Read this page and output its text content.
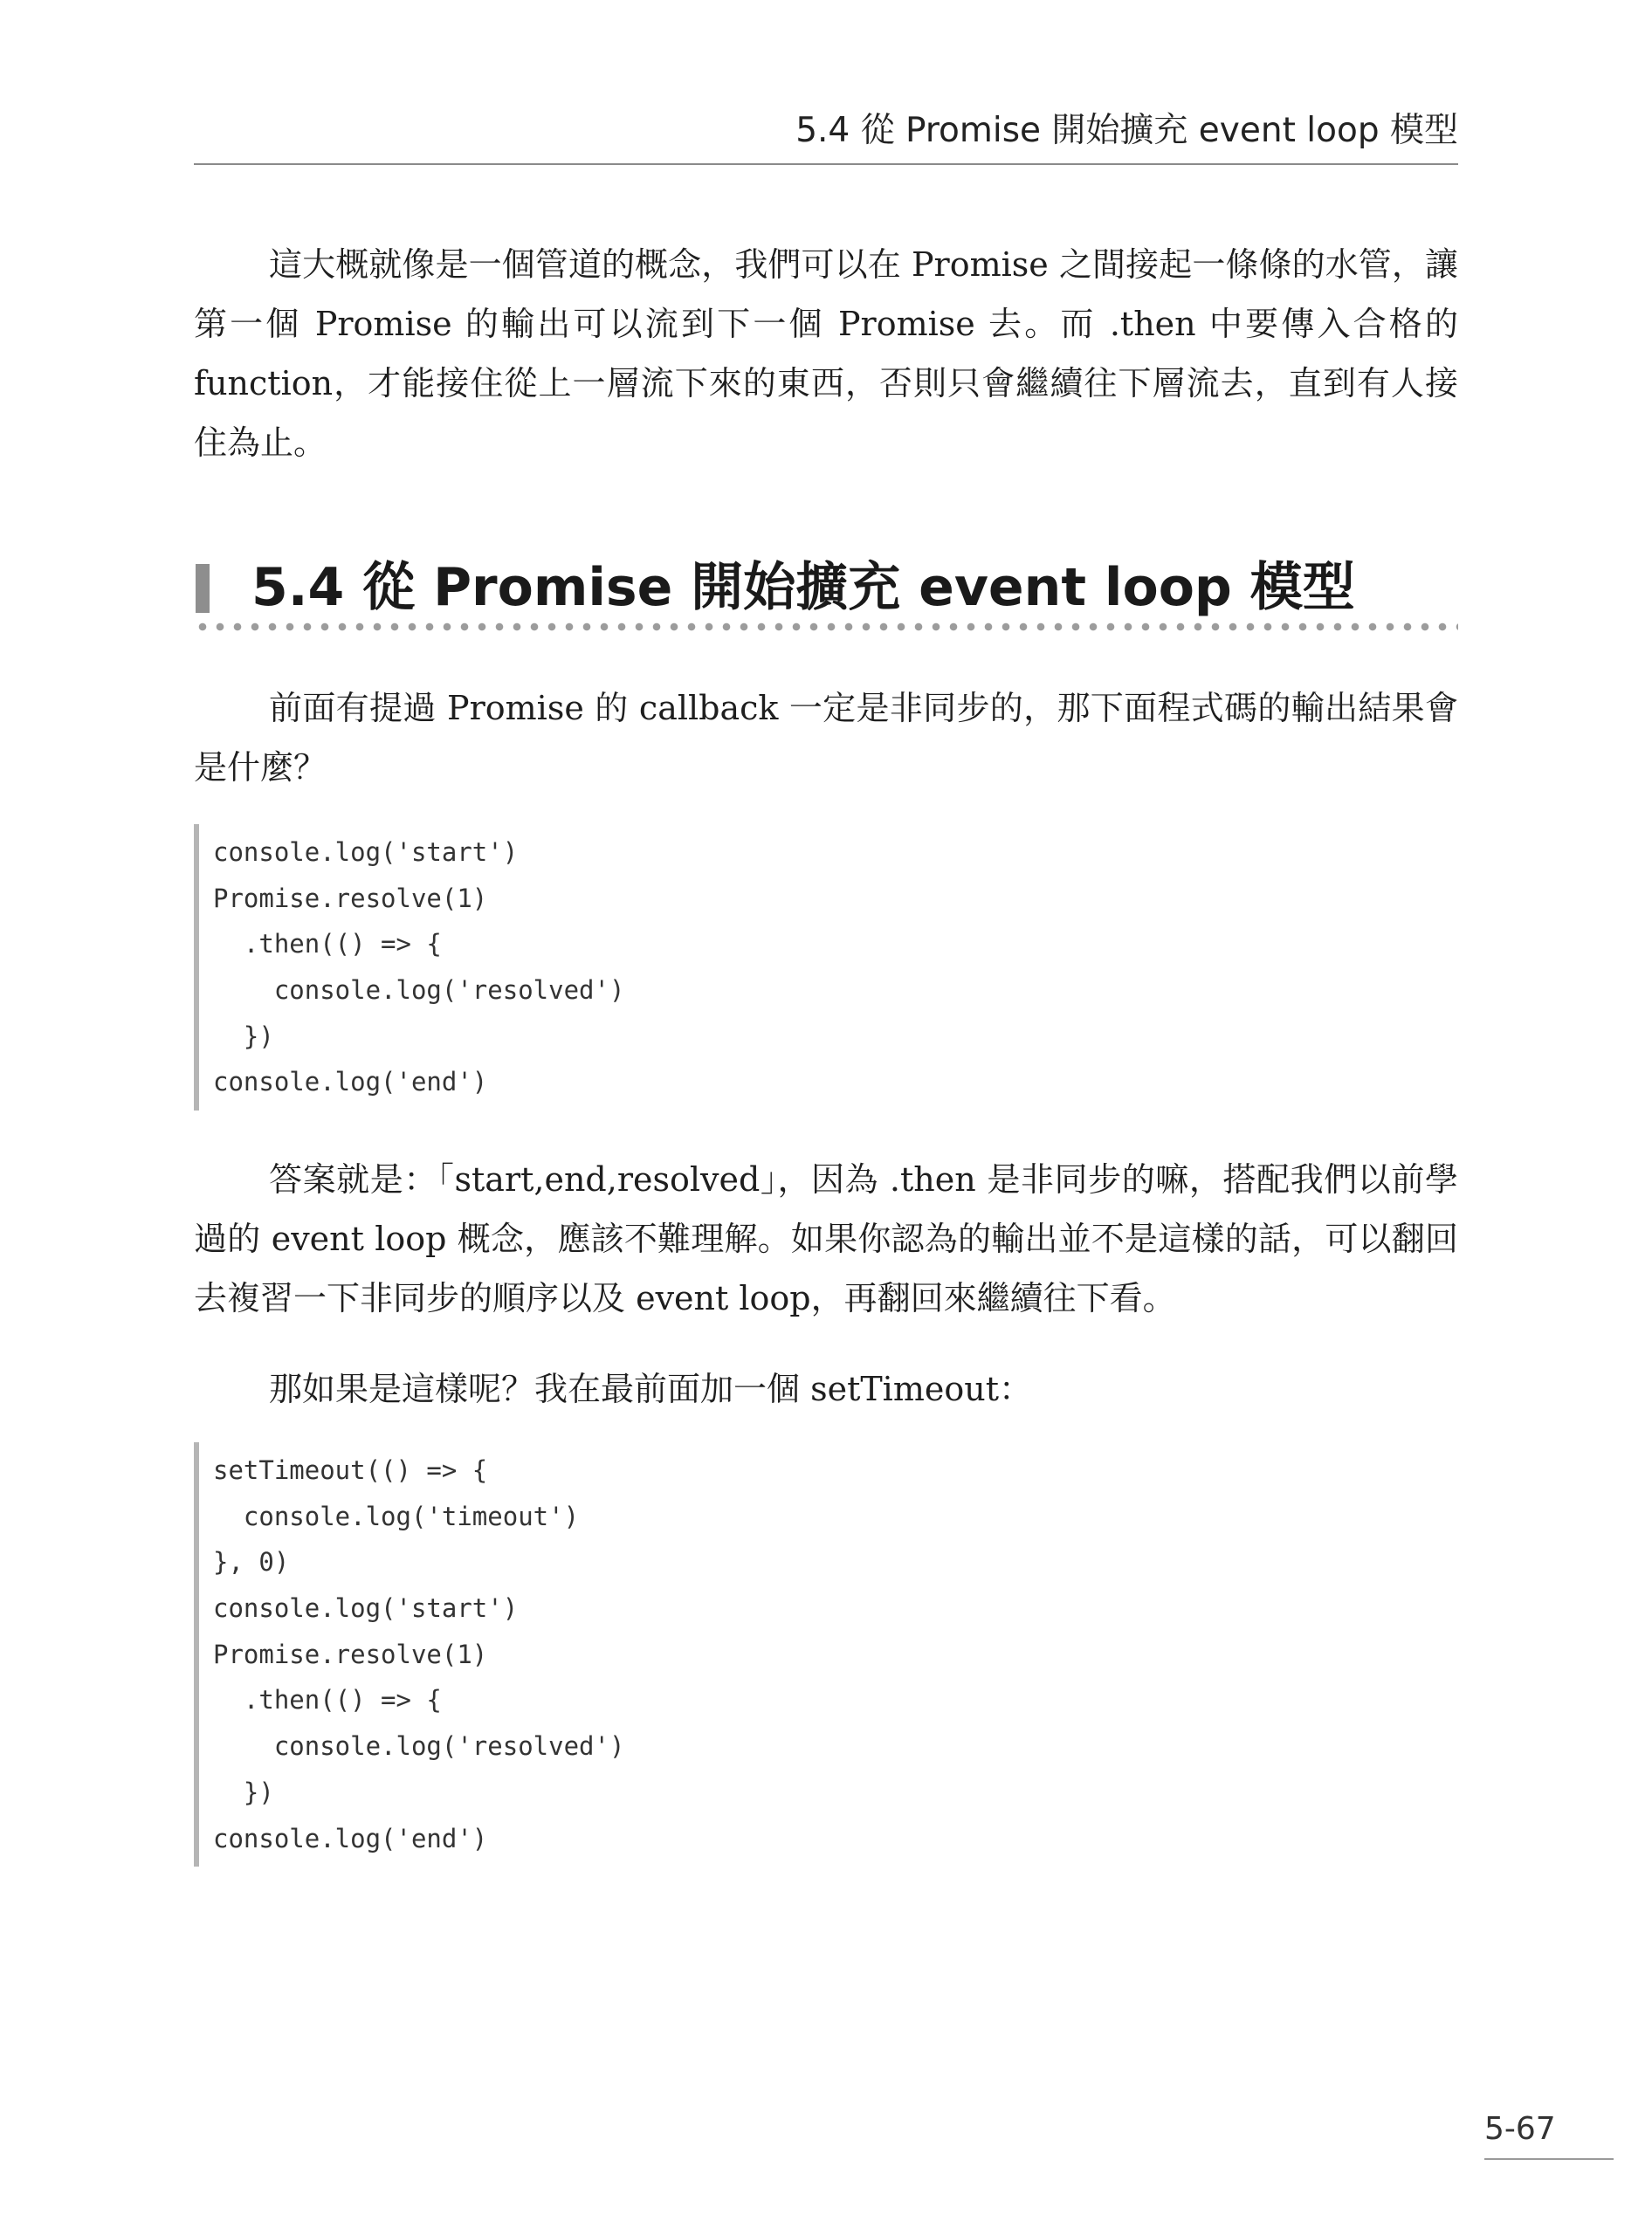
5.4 從 Promise 開始擴充 event loop 模型

這大概就像是一個管道的概念，我們可以在 Promise 之間接起一條條的水管，讓第一個 Promise 的輸出可以流到下一個 Promise 去。而 .then 中要傳入合格的 function，才能接住從上一層流下來的東西，否則只會繼續往下層流去，直到有人接住為止。

5.4 從 Promise 開始擴充 event loop 模型

前面有提過 Promise 的 callback 一定是非同步的，那下面程式碼的輸出結果會是什麼？

console.log('start')
Promise.resolve(1)
.then(() => {
console.log('resolved')
})
console.log('end')

答案就是：「start,end,resolved」，因為 .then 是非同步的嘛，搭配我們以前學過的 event loop 概念，應該不難理解。如果你認為的輸出並不是這樣的話，可以翻回去複習一下非同步的順序以及 event loop，再翻回來繼續往下看。

那如果是這樣呢？我在最前面加一個 setTimeout：

setTimeout(() => {
console.log('timeout')
}, 0)
console.log('start')
Promise.resolve(1)
.then(() => {
console.log('resolved')
})
console.log('end')
5-67
